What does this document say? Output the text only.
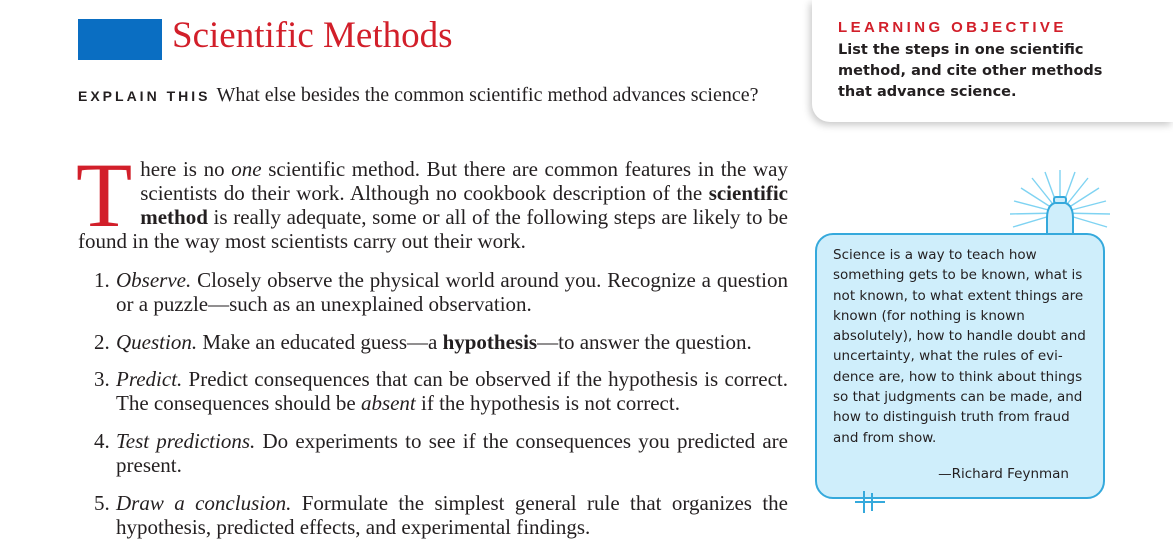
Scientific Methods
EXPLAIN THIS What else besides the common scientific method advances science?

There is no one scientific method. But there are common features in the way scientists do their work. Although no cookbook description of the scientific method is really adequate, some or all of the following steps are likely to be found in the way most scientists carry out their work.

1. Observe. Closely observe the physical world around you. Recognize a question or a puzzle—such as an unexplained observation.
2. Question. Make an educated guess—a hypothesis—to answer the question.
3. Predict. Predict consequences that can be observed if the hypothesis is correct. The consequences should be absent if the hypothesis is not correct.
4. Test predictions. Do experiments to see if the consequences you predicted are present.
5. Draw a conclusion. Formulate the simplest general rule that organizes the hypothesis, predicted effects, and experimental findings.
LEARNING OBJECTIVE
List the steps in one scientific method, and cite other methods that advance science.
Science is a way to teach how something gets to be known, what is not known, to what extent things are known (for nothing is known absolutely), how to handle doubt and uncertainty, what the rules of evidence are, how to think about things so that judgments can be made, and how to distinguish truth from fraud and from show.
—Richard Feynman
